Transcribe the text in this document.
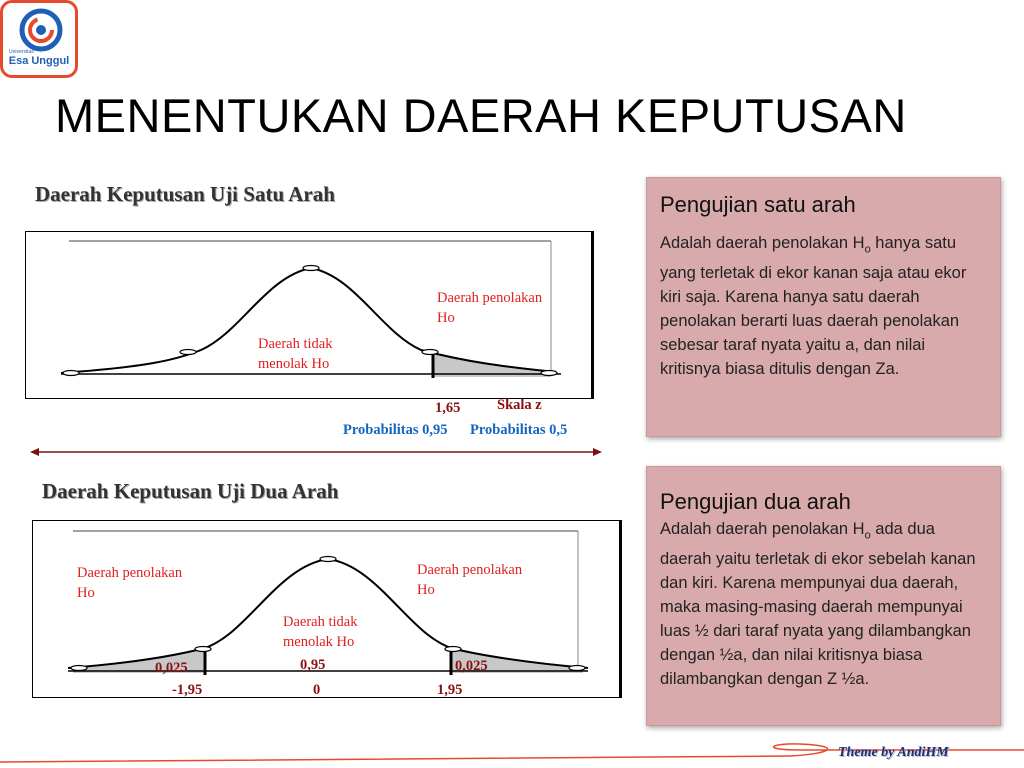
Universitas
Esa Unggul
MENENTUKAN DAERAH KEPUTUSAN
Daerah Keputusan Uji Satu Arah
Daerah penolakan
Ho
Daerah tidak
menolak Ho
1,65	Skala z
Probabilitas 0,95 Probabilitas 0,5
Daerah Keputusan Uji Dua Arah
Daerah penolakan
Ho
Daerah penolakan
Ho
Daerah tidak
menolak Ho
0,025	0,95	0,025
-1,95	0	1,95
Pengujian satu arah

Adalah daerah penolakan $H_o$ hanya satu yang terletak di ekor kanan saja atau ekor kiri saja. Karena hanya satu daerah penolakan berarti luas daerah penolakan sebesar taraf nyata yaitu a, dan nilai kritisnya biasa ditulis dengan Za.

Pengujian dua arah

Adalah daerah penolakan $H_o$ ada dua daerah yaitu terletak di ekor sebelah kanan dan kiri. Karena mempunyai dua daerah, maka masing-masing daerah mempunyai luas ½ dari taraf nyata yang dilambangkan dengan ½a, dan nilai kritisnya biasa dilambangkan dengan Z ½a.

Theme by AndiHM
